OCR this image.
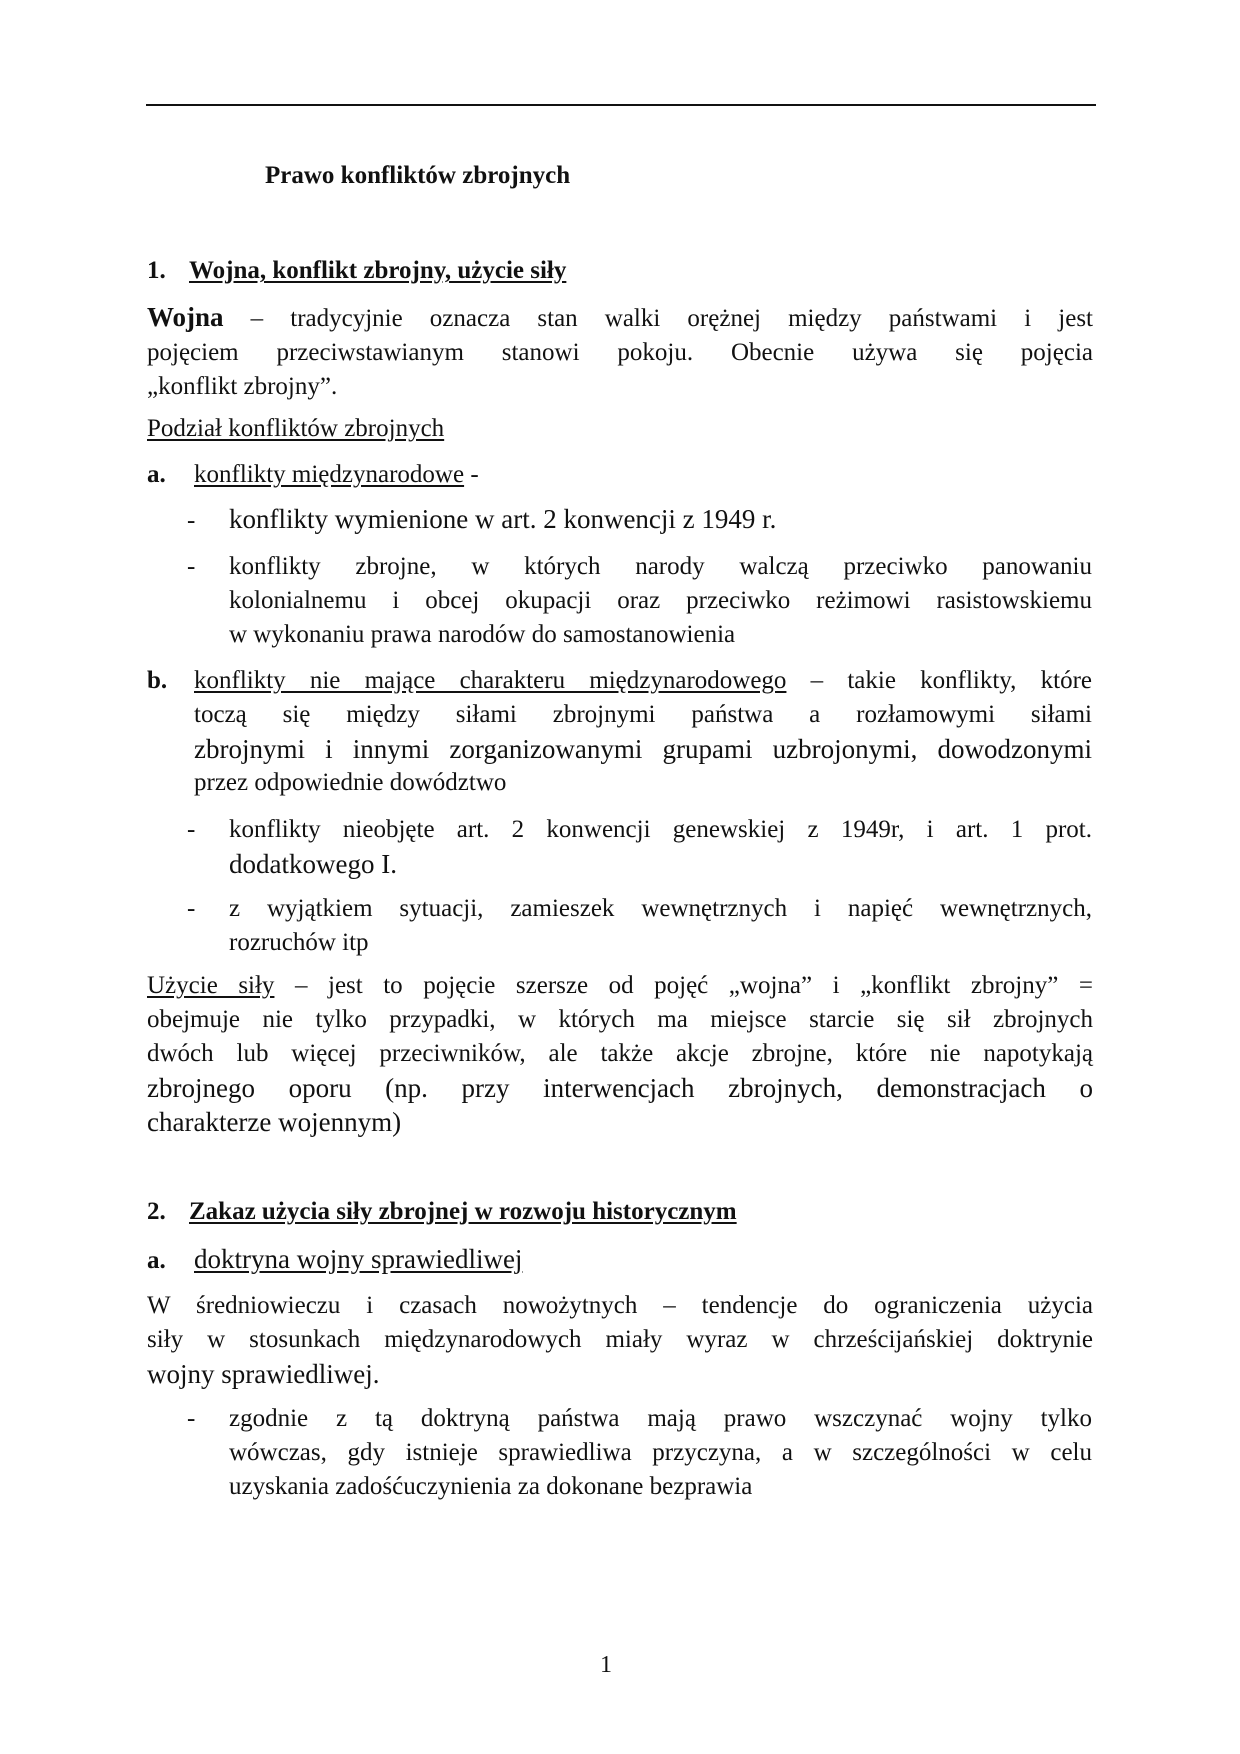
Prawo konfliktów zbrojnych
1. Wojna, konflikt zbrojny, użycie siły
Wojna – tradycyjnie oznacza stan walki orężnej między państwami i jest
pojęciem przeciwstawianym stanowi pokoju. Obecnie używa się pojęcia
„konflikt zbrojny”.
Podział konfliktów zbrojnych
a. konflikty międzynarodowe -
- konflikty wymienione w art. 2 konwencji z 1949 r.
- konflikty zbrojne, w których narody walczą przeciwko panowaniu
kolonialnemu i obcej okupacji oraz przeciwko reżimowi rasistowskiemu
w wykonaniu prawa narodów do samostanowienia
b. konflikty nie mające charakteru międzynarodowego – takie konflikty, które
toczą się między siłami zbrojnymi państwa a rozłamowymi siłami
zbrojnymi i innymi zorganizowanymi grupami uzbrojonymi, dowodzonymi
przez odpowiednie dowództwo
- konflikty nieobjęte art. 2 konwencji genewskiej z 1949r, i art. 1 prot.
dodatkowego I.
- z wyjątkiem sytuacji, zamieszek wewnętrznych i napięć wewnętrznych,
rozruchów itp
Użycie siły – jest to pojęcie szersze od pojęć „wojna” i „konflikt zbrojny” =
obejmuje nie tylko przypadki, w których ma miejsce starcie się sił zbrojnych
dwóch lub więcej przeciwników, ale także akcje zbrojne, które nie napotykają
zbrojnego oporu (np. przy interwencjach zbrojnych, demonstracjach o
charakterze wojennym)
2. Zakaz użycia siły zbrojnej w rozwoju historycznym
a. doktryna wojny sprawiedliwej
W średniowieczu i czasach nowożytnych – tendencje do ograniczenia użycia
siły w stosunkach międzynarodowych miały wyraz w chrześcijańskiej doktrynie
wojny sprawiedliwej.
- zgodnie z tą doktryną państwa mają prawo wszczynać wojny tylko
wówczas, gdy istnieje sprawiedliwa przyczyna, a w szczególności w celu
uzyskania zadośćuczynienia za dokonane bezprawia
1
